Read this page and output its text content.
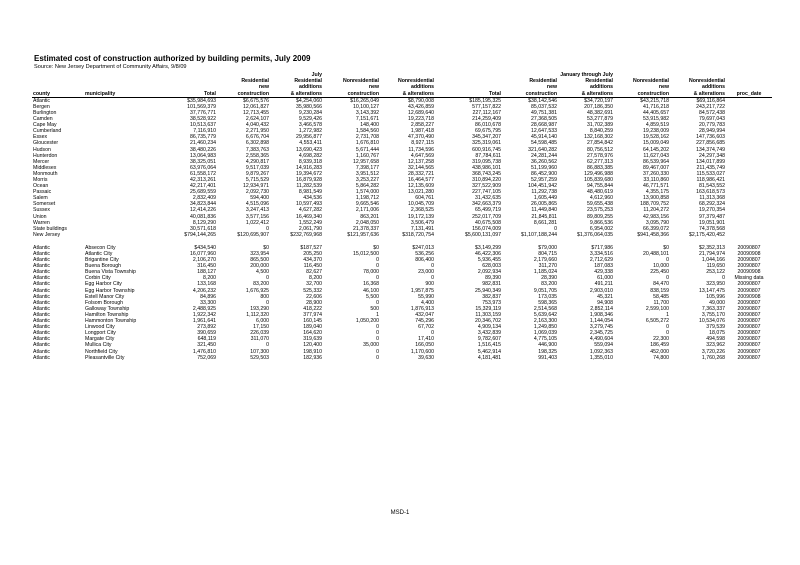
Estimated cost of construction authorized by building permits, July 2009
Source: New Jersey Department of Community Affairs, 9/8/09
				July					January through July			
			Residential	Residential	Nonresidential	Nonresidential		Residential	Residential	Nonresidential	Nonresidential	
			new	additions	new	additions		new	additions	new	additions	
county	municipality	Total	construction	& alterations	construction	& alterations	Total	construction	& alterations	construction	& alterations	proc_date
Atlantic		$35,984,693	$6,675,576	$4,254,060	$16,265,049	$8,790,008	$185,195,325	$38,142,546	$34,720,197	$43,215,718	$69,116,864	
Bergen		101,569,379	12,061,827	35,980,566	10,100,127	43,426,859	577,157,822	85,037,532	207,186,350	41,716,218	243,217,722	
Burlington		37,776,771	12,713,455	9,230,284	3,143,392	12,689,640	227,112,167	49,751,381	48,382,691	44,405,657	84,572,438	
Camden		38,528,922	2,624,107	9,529,426	7,151,671	19,223,718	214,259,409	27,368,505	53,277,879	53,915,982	79,697,043	
Cape May		10,513,637	4,040,432	3,466,578	148,400	2,858,227	86,010,678	28,668,987	31,702,389	4,859,519	20,779,783	
Cumberland		7,116,910	2,271,950	1,272,982	1,584,560	1,987,418	69,675,795	12,647,533	8,840,259	19,238,009	28,949,994	
Essex		86,735,779	6,676,704	29,956,877	2,731,708	47,370,490	345,347,207	45,914,140	132,168,302	19,528,162	147,736,603	
Gloucester		21,460,234	6,302,898	4,553,411	1,676,810	8,927,115	325,319,061	54,598,485	27,854,842	15,009,049	227,856,685	
Hudson		38,480,226	7,383,763	13,690,423	5,671,444	11,734,596	600,916,745	321,640,282	80,756,512	64,145,202	134,374,749	
Hunterdon		13,064,983	2,558,365	4,698,282	1,160,767	4,647,569	87,784,611	24,281,244	27,578,976	11,627,043	24,297,348	
Mercer		38,325,051	4,290,817	8,939,318	12,957,658	12,137,258	319,095,738	36,260,562	62,277,313	86,539,964	134,017,899	
Middlesex		63,976,064	9,517,039	14,916,283	7,398,177	32,144,565	438,986,101	51,199,960	86,883,385	89,467,007	211,435,749	
Monmouth		61,558,172	9,879,267	19,394,672	3,951,512	28,332,721	368,743,245	86,452,900	129,496,988	37,260,330	115,533,027	
Morris		42,313,261	5,715,529	16,879,928	3,253,227	16,464,577	310,894,220	52,957,259	105,839,680	33,110,860	118,986,421	
Ocean		42,217,401	12,934,971	11,282,539	5,864,282	12,135,609	327,522,909	104,451,942	94,755,844	46,771,571	81,543,552	
Passaic		25,689,559	2,092,730	8,981,549	1,574,000	13,021,280	227,747,105	11,292,738	48,480,619	4,355,175	163,618,573	
Salem		2,832,409	594,400	434,536	1,198,712	604,761	31,432,635	1,605,449	4,612,960	13,900,858	11,313,368	
Somerset		34,823,844	4,515,096	10,597,493	9,665,546	10,045,709	342,663,379	26,005,865	59,655,438	188,709,752	68,292,324	
Sussex		12,414,226	3,247,413	4,627,282	2,171,006	2,368,525	65,499,719	11,449,840	23,575,253	11,204,272	19,270,354	
Union		40,081,836	3,577,156	16,469,340	863,201	19,172,139	252,017,709	21,845,811	89,809,255	42,983,156	97,379,487	
Warren		8,129,290	1,022,412	1,552,249	2,048,050	3,506,479	40,675,508	8,661,281	9,866,536	3,095,790	19,051,901	
State buildings		30,571,618	0	2,061,790	21,378,337	7,131,491	156,074,009	0	6,954,002	66,399,072	74,378,568	
New Jersey		$794,144,265	$120,695,907	$232,769,968	$121,957,636	$318,720,754	$5,600,131,097	$1,107,188,244	$1,376,064,035	$941,458,366	$2,175,420,452	

Atlantic	Absecon City	$434,540	$0	$187,527	$0	$247,013	$3,149,299	$79,000	$717,986	$0	$2,352,313	20090807
Atlantic	Atlantic City	16,077,960	323,954	205,250	15,012,500	536,256	46,422,306	804,715	3,334,516	20,488,101	21,794,974	20090908
Atlantic	Brigantine City	2,106,270	865,500	434,370	0	806,400	5,936,455	2,179,660	2,712,629	0	1,044,166	20090807
Atlantic	Buena Borough	316,450	200,000	116,450	0	0	628,003	311,270	187,083	10,000	119,650	20090807
Atlantic	Buena Vista Township	188,127	4,500	82,627	78,000	23,000	2,092,934	1,185,024	429,338	225,450	253,122	20090908
Atlantic	Corbin City	8,200	0	8,200	0	0	89,390	28,390	61,000	0	0	Missing data
Atlantic	Egg Harbor City	133,168	83,200	32,700	16,368	900	982,831	83,200	491,211	84,470	323,950	20090807
Atlantic	Egg Harbor Township	4,206,232	1,676,925	525,332	46,100	1,957,875	25,940,349	9,051,705	2,903,010	838,159	13,147,475	20090807
Atlantic	Estell Manor City	84,896	800	22,606	5,500	55,990	382,837	173,035	45,321	58,485	105,996	20090908
Atlantic	Folsom Borough	33,300	0	28,900	0	4,400	753,973	598,365	94,908	11,700	49,000	20090807
Atlantic	Galloway Township	2,488,925	193,290	418,222	500	1,876,913	15,329,119	2,514,568	2,852,114	2,599,100	7,363,337	20090807
Atlantic	Hamilton Township	1,922,342	1,112,320	377,974	1	432,047	11,303,159	5,639,642	1,908,346	1	3,755,170	20090807
Atlantic	Hammonton Township	1,961,641	6,000	160,145	1,050,200	745,296	20,346,702	2,163,300	1,144,054	6,505,272	10,534,076	20090807
Atlantic	Linwood City	273,892	17,150	189,040	0	67,702	4,909,134	1,249,850	3,279,745	0	379,539	20090807
Atlantic	Longport City	390,659	226,039	164,620	0	0	3,432,839	1,069,039	2,345,725	0	18,075	20090807
Atlantic	Margate City	648,119	311,070	319,639	0	17,410	9,782,607	4,775,105	4,490,604	22,300	494,598	20090807
Atlantic	Mullica City	321,450	0	120,400	35,000	166,050	1,516,415	446,900	559,094	186,459	323,962	20090807
Atlantic	Northfield City	1,476,810	107,300	198,910	0	1,170,600	5,462,914	198,325	1,092,363	452,000	3,720,226	20090807
Atlantic	Pleasantville City	752,069	529,503	182,936	0	39,630	4,181,481	991,403	1,355,010	74,800	1,760,268	20090807
MSD-1
